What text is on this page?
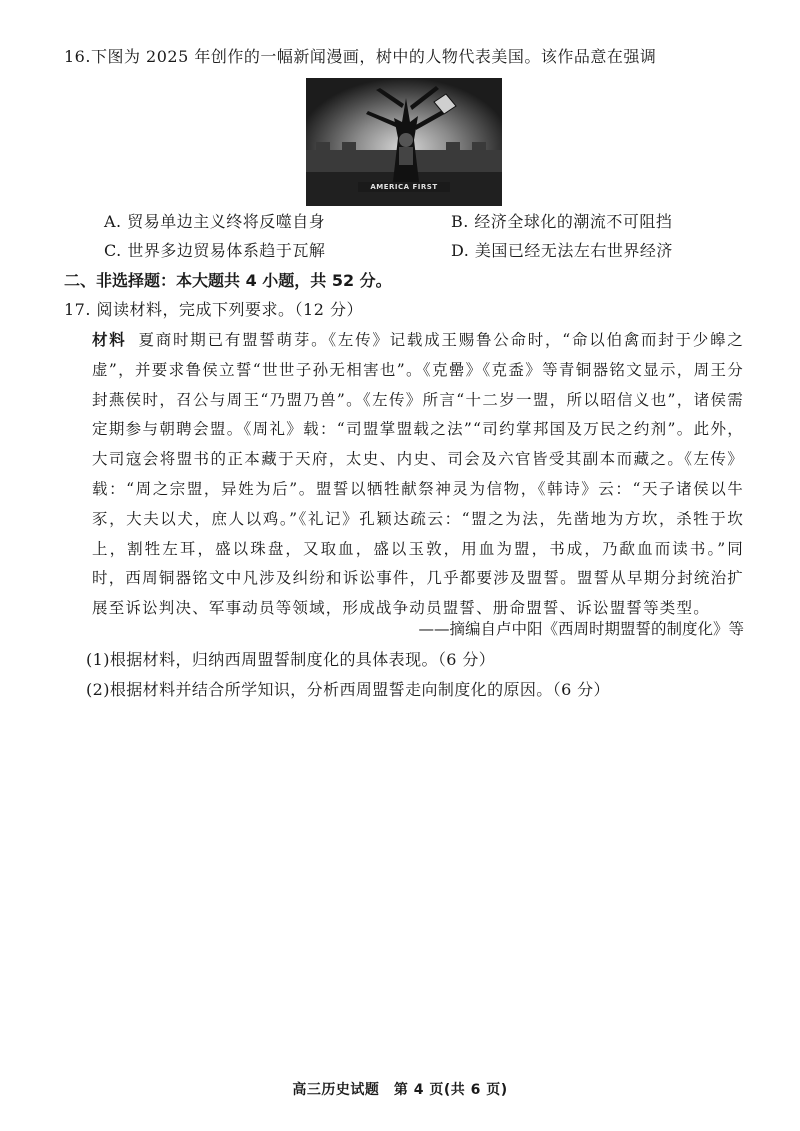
16.下图为 2025 年创作的一幅新闻漫画，树中的人物代表美国。该作品意在强调
AMERICA FIRST
A. 贸易单边主义终将反噬自身	B. 经济全球化的潮流不可阻挡
C. 世界多边贸易体系趋于瓦解	D. 美国已经无法左右世界经济
二、非选择题：本大题共 4 小题，共 52 分。
17. 阅读材料，完成下列要求。（12 分）
材料 夏商时期已有盟誓萌芽。《左传》记载成王赐鲁公命时，“命以伯禽而封于少皞之虚”，并要求鲁侯立誓“世世子孙无相害也”。《克罍》《克盉》等青铜器铭文显示，周王分封燕侯时，召公与周王“乃盟乃兽”。《左传》所言“十二岁一盟，所以昭信义也”，诸侯需定期参与朝聘会盟。《周礼》载：“司盟掌盟载之法”“司约掌邦国及万民之约剂”。此外，大司寇会将盟书的正本藏于天府，太史、内史、司会及六官皆受其副本而藏之。《左传》载：“周之宗盟，异姓为后”。盟誓以牺牲献祭神灵为信物，《韩诗》云：“天子诸侯以牛豕，大夫以犬，庶人以鸡。”《礼记》孔颖达疏云：“盟之为法，先凿地为方坎，杀牲于坎上，割牲左耳，盛以珠盘，又取血，盛以玉敦，用血为盟，书成，乃歃血而读书。”同时，西周铜器铭文中凡涉及纠纷和诉讼事件，几乎都要涉及盟誓。盟誓从早期分封统治扩展至诉讼判决、军事动员等领域，形成战争动员盟誓、册命盟誓、诉讼盟誓等类型。
——摘编自卢中阳《西周时期盟誓的制度化》等
(1)根据材料，归纳西周盟誓制度化的具体表现。（6 分）
(2)根据材料并结合所学知识，分析西周盟誓走向制度化的原因。（6 分）
高三历史试题　第 4 页(共 6 页)
